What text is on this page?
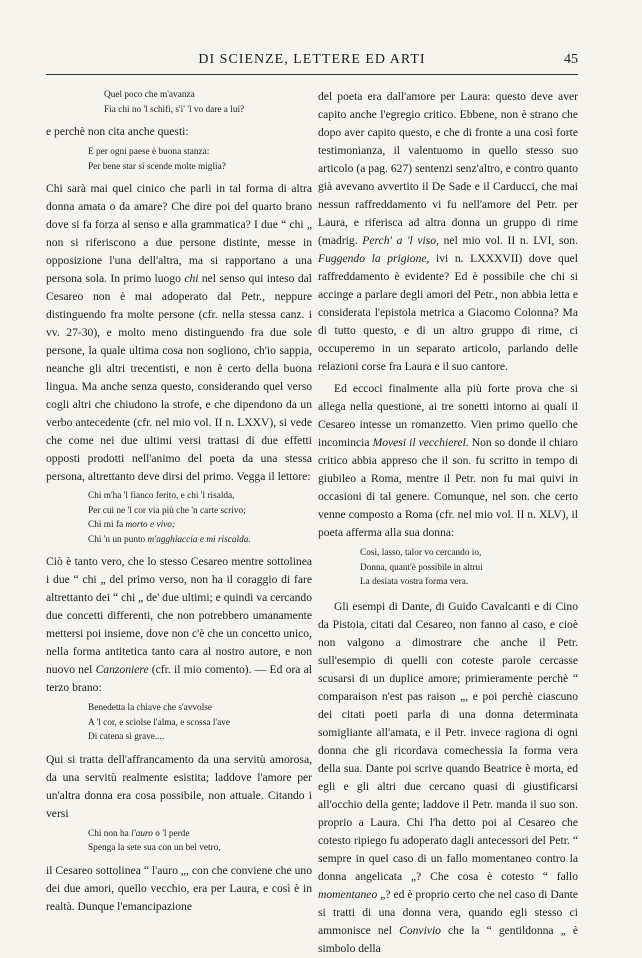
DI SCIENZE, LETTERE ED ARTI	45
Quel poco che m'avanza
Fia chi no 'l schifi, s'i' 'l vo dare a lui?

e perchè non cita anche questi:

E per ogni paese è buona stanza:
Per bene star si scende molte miglia?

Chi sarà mai quel cinico che parli in tal forma di altra donna amata o da amare? Che dire poi del quarto brano dove si fa forza al senso e alla grammatica? I due “ chi „ non si riferiscono a due persone distinte, messe in opposizione l'una dell'altra, ma si rapportano a una persona sola. In primo luogo chi nel senso qui inteso dal Cesareo non è mai adoperato dal Petr., neppure distinguendo fra molte persone (cfr. nella stessa canz. i vv. 27-30), e molto meno distinguendo fra due sole persone, la quale ultima cosa non sogliono, ch'io sappia, neanche gli altri trecentisti, e non è certo della buona lingua. Ma anche senza questo, considerando quel verso cogli altri che chiudono la strofe, e che dipendono da un verbo antecedente (cfr. nel mio vol. II n. LXXV), si vede che come nei due ultimi versi trattasi di due effetti opposti prodotti nell'animo del poeta da una stessa persona, altrettanto deve dirsi del primo. Vegga il lettore:

Chi m'ha 'l fianco ferito, e chi 'l risalda,
Per cui ne 'l cor via più che 'n carte scrivo;
Chi mi fa morto e vivo;
Chi 'n un punto m'agghiaccia e mi riscalda.

Ciò è tanto vero, che lo stesso Cesareo mentre sottolinea i due “ chi „ del primo verso, non ha il coraggio di fare altrettanto dei “ chi „ de' due ultimi; e quindi va cercando due concetti differenti, che non potrebbero umanamente mettersi poi insieme, dove non c'è che un concetto unico, nella forma antitetica tanto cara al nostro autore, e non nuovo nel Canzoniere (cfr. il mio comento). — Ed ora al terzo brano:

Benedetta la chiave che s'avvolse
A 'l cor, e sciolse l'alma, e scossa l'ave
Di catena sì grave....

Qui si tratta dell'affrancamento da una servitù amorosa, da una servitù realmente esistita; laddove l'amore per un'altra donna era cosa possibile, non attuale. Citando i versi

Chi non ha l'auro o 'l perde
Spenga la sete sua con un bel vetro,

il Cesareo sottolinea “ l'auro „, con che conviene che uno dei due amori, quello vecchio, era per Laura, e così è in realtà. Dunque l'emancipazione

del poeta era dall'amore per Laura: questo deve aver capito anche l'egregio critico. Ebbene, non è strano che dopo aver capito questo, e che di fronte a una così forte testimonianza, il valentuomo in quello stesso suo articolo (a pag. 627) sentenzi senz'altro, e contro quanto già avevano avvertito il De Sade e il Carducci, che mai nessun raffreddamento vi fu nell'amore del Petr. per Laura, e riferisca ad altra donna un gruppo di rime (madrig. Perch' a 'l viso, nel mio vol. II n. LVI, son. Fuggendo la prigione, ivi n. LXXXVII) dove quel raffreddamento è evidente? Ed è possibile che chi si accinge a parlare degli amori del Petr., non abbia letta e considerata l'epistola metrica a Giacomo Colonna? Ma di tutto questo, e di un altro gruppo di rime, ci occuperemo in un separato articolo, parlando delle relazioni corse fra Laura e il suo cantore.

Ed eccoci finalmente alla più forte prova che si allega nella questione, ai tre sonetti intorno ai quali il Cesareo intesse un romanzetto. Vien primo quello che incomincia Movesi il vecchierel. Non so donde il chiaro critico abbia appreso che il son. fu scritto in tempo di giubileo a Roma, mentre il Petr. non fu mai quivi in occasioni di tal genere. Comunque, nel son. che certo venne composto a Roma (cfr. nel mio vol. II n. XLV), il poeta afferma alla sua donna:

Così, lasso, talor vo cercando io,
Donna, quant'è possibile in altrui
La desiata vostra forma vera.

Gli esempi di Dante, di Guido Cavalcanti e di Cino da Pistoia, citati dal Cesareo, non fanno al caso, e cioè non valgono a dimostrare che anche il Petr. sull'esempio di quelli con coteste parole cercasse scusarsi di un duplice amore; primieramente perchè “ comparaison n'est pas raison „, e poi perchè ciascuno dei citati poeti parla di una donna determinata somigliante all'amata, e il Petr. invece ragiona di ogni donna che gli ricordava comechessia la forma vera della sua. Dante poi scrive quando Beatrice è morta, ed egli e gli altri due cercano quasi di giustificarsi all'occhio della gente; laddove il Petr. manda il suo son. proprio a Laura. Chi l'ha detto poi al Cesareo che cotesto ripiego fu adoperato dagli antecessori del Petr. “ sempre in quel caso di un fallo momentaneo contro la donna angelicata „? Che cosa è cotesto “ fallo momentaneo „? ed è proprio certo che nel caso di Dante si tratti di una donna vera, quando egli stesso ci ammonisce nel Convivio che la “ gentildonna „ è simbolo della
